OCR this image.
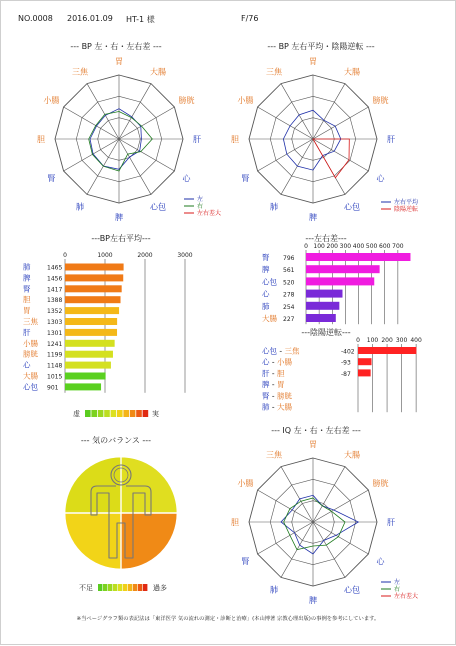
NO.0008 2016.01.09 HT-1 様	F/76
--- BP 左・右・左右差 ---	--- BP 左右平均・陰陽逆転 ---
---BP左右平均---	---左右差---
---陰陽逆転---
--- 気のバランス ---
--- IQ 左・右・左右差 ---
胃
大腸
膀胱
肝
心
心包
脾
肺
腎
胆
小腸
三焦
左
右
左右差大
胃
大腸
膀胱
肝
心
心包
脾
肺
腎
胆
小腸
三焦
左右平均
陰陽逆転
胃
大腸
膀胱
肝
心
心包
脾
肺
腎
胆
小腸
三焦
左
右
左右差大
0	1000	2000	3000
肺	1465
脾	1456
腎	1417
胆	1388
胃	1352
三焦 1303
肝	1301
小腸 1241
膀胱 1199
心	1148
大腸 1015
心包 901
虚	実
0 100 200 300 400 500 600 700
腎 796
脾 561
心包 520
心 278
肺 254
大腸 227
0 100 200 300 400
心包 - 三焦	-402
心 - 小腸	-93
肝 - 胆	-87
脾 - 胃
腎 - 膀胱
肺 - 大腸
不足	過多
※当ページグラフ類の表記法は「東洋医学 気の流れの測定・診断と治療」(本山博著 宗教心理出版)の事例を参考にしています。
